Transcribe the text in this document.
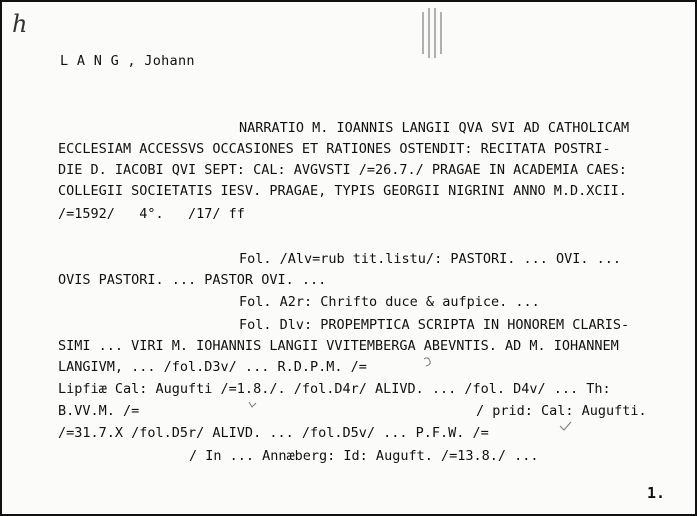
h
L A N G , Johann
NARRATIO M. IOANNIS LANGII QVA SVI AD CATHOLICAM
ECCLESIAM ACCESSVS OCCASIONES ET RATIONES OSTENDIT: RECITATA POSTRI-
DIE D. IACOBI QVI SEPT: CAL: AVGVSTI /=26.7./ PRAGAE IN ACADEMIA CAES:
COLLEGII SOCIETATIS IESV. PRAGAE, TYPIS GEORGII NIGRINI ANNO M.D.XCII.
/=1592/   4°.   /17/ ff
Fol. /Alv=rub tit.listu/: PASTORI. ... OVI. ...
OVIS PASTORI. ... PASTOR OVI. ...
Fol. A2r: Chrifto duce & aufpice. ...
Fol. Dlv: PROPEMPTICA SCRIPTA IN HONOREM CLARIS-
SIMI ... VIRI M. IOHANNIS LANGII VVITEMBERGA ABEVNTIS. AD M. IOHANNEM
LANGIVM, ... /fol.D3v/ ... R.D.P.M. /=
Lipfiæ Cal: Augufti /=1.8./. /fol.D4r/ ALIVD. ... /fol. D4v/ ... Th:
B.VV.M. /=	/ prid: Cal: Augufti.
/=31.7.X /fol.D5r/ ALIVD. ... /fol.D5v/ ... P.F.W. /=
/ In ... Annæberg: Id: Auguft. /=13.8./ ...
1.
